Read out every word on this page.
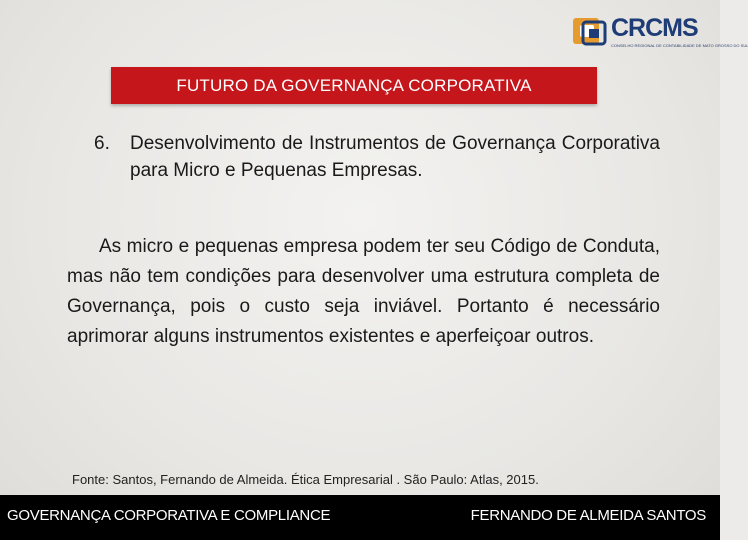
CRCMS
CONSELHO REGIONAL DE CONTABILIDADE DE MATO GROSSO DO SUL
FUTURO DA GOVERNANÇA CORPORATIVA
6. Desenvolvimento de Instrumentos de Governança Corporativa para Micro e Pequenas Empresas.
As micro e pequenas empresa podem ter seu Código de Conduta, mas não tem condições para desenvolver uma estrutura completa de Governança, pois o custo seja inviável. Portanto é necessário aprimorar alguns instrumentos existentes e aperfeiçoar outros.
Fonte: Santos, Fernando de Almeida. Ética Empresarial . São Paulo: Atlas, 2015.
GOVERNANÇA CORPORATIVA E COMPLIANCE	FERNANDO DE ALMEIDA SANTOS
